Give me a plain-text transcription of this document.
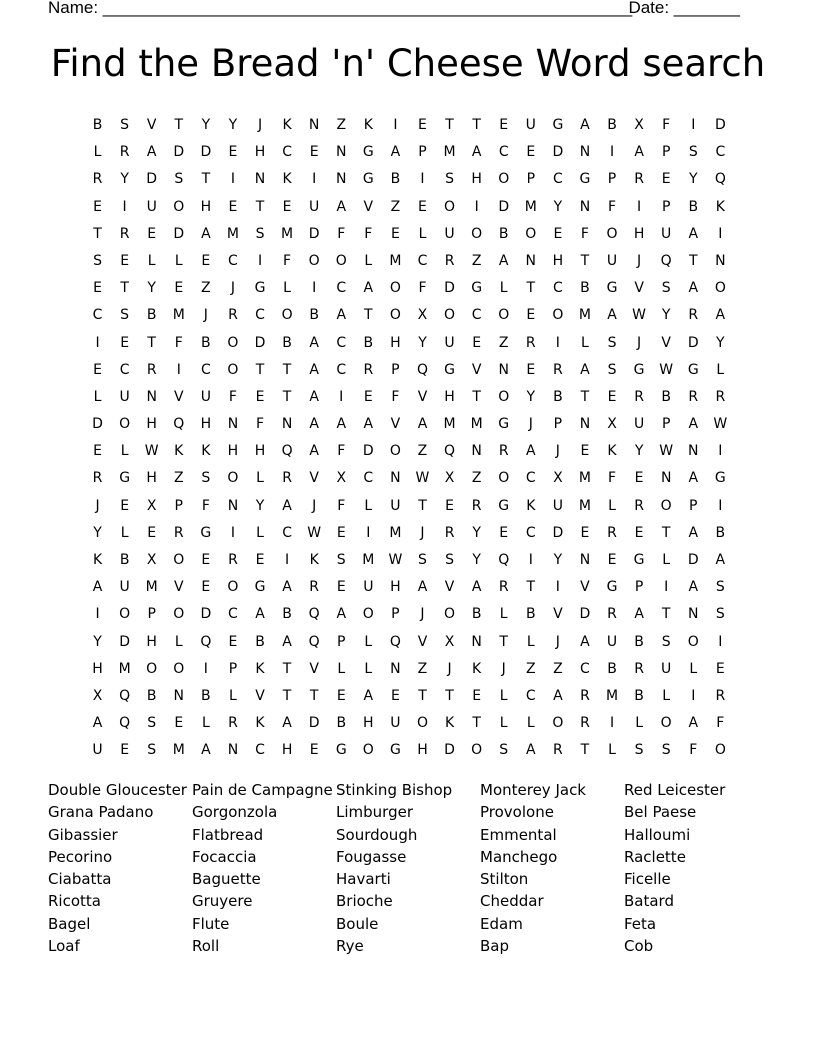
Name: ________________________________________________________
Date: _______
Find the Bread 'n' Cheese Word search
B	S	V	T	Y	Y	J	K	N	Z	K	I	E	T	T	E	U	G	A	B	X	F	I	D
L	R	A	D	D	E	H	C	E	N	G	A	P	M	A	C	E	D	N	I	A	P	S	C
R	Y	D	S	T	I	N	K	I	N	G	B	I	S	H	O	P	C	G	P	R	E	Y	Q
E	I	U	O	H	E	T	E	U	A	V	Z	E	O	I	D	M	Y	N	F	I	P	B	K
T	R	E	D	A	M	S	M	D	F	F	E	L	U	O	B	O	E	F	O	H	U	A	I
S	E	L	L	E	C	I	F	O	O	L	M	C	R	Z	A	N	H	T	U	J	Q	T	N
E	T	Y	E	Z	J	G	L	I	C	A	O	F	D	G	L	T	C	B	G	V	S	A	O
C	S	B	M	J	R	C	O	B	A	T	O	X	O	C	O	E	O	M	A	W	Y	R	A
I	E	T	F	B	O	D	B	A	C	B	H	Y	U	E	Z	R	I	L	S	J	V	D	Y
E	C	R	I	C	O	T	T	A	C	R	P	Q	G	V	N	E	R	A	S	G	W	G	L
L	U	N	V	U	F	E	T	A	I	E	F	V	H	T	O	Y	B	T	E	R	B	R	R
D	O	H	Q	H	N	F	N	A	A	A	V	A	M	M	G	J	P	N	X	U	P	A	W
E	L	W	K	K	H	H	Q	A	F	D	O	Z	Q	N	R	A	J	E	K	Y	W	N	I
R	G	H	Z	S	O	L	R	V	X	C	N	W	X	Z	O	C	X	M	F	E	N	A	G
J	E	X	P	F	N	Y	A	J	F	L	U	T	E	R	G	K	U	M	L	R	O	P	I
Y	L	E	R	G	I	L	C	W	E	I	M	J	R	Y	E	C	D	E	R	E	T	A	B
K	B	X	O	E	R	E	I	K	S	M	W	S	S	Y	Q	I	Y	N	E	G	L	D	A
A	U	M	V	E	O	G	A	R	E	U	H	A	V	A	R	T	I	V	G	P	I	A	S
I	O	P	O	D	C	A	B	Q	A	O	P	J	O	B	L	B	V	D	R	A	T	N	S
Y	D	H	L	Q	E	B	A	Q	P	L	Q	V	X	N	T	L	J	A	U	B	S	O	I
H	M	O	O	I	P	K	T	V	L	L	N	Z	J	K	J	Z	Z	C	B	R	U	L	E
X	Q	B	N	B	L	V	T	T	E	A	E	T	T	E	L	C	A	R	M	B	L	I	R
A	Q	S	E	L	R	K	A	D	B	H	U	O	K	T	L	L	O	R	I	L	O	A	F
U	E	S	M	A	N	C	H	E	G	O	G	H	D	O	S	A	R	T	L	S	S	F	O
Double Gloucester
Grana Padano
Gibassier
Pecorino
Ciabatta
Ricotta
Bagel
Loaf
Pain de Campagne
Gorgonzola
Flatbread
Focaccia
Baguette
Gruyere
Flute
Roll
Stinking Bishop
Limburger
Sourdough
Fougasse
Havarti
Brioche
Boule
Rye
Monterey Jack
Provolone
Emmental
Manchego
Stilton
Cheddar
Edam
Bap
Red Leicester
Bel Paese
Halloumi
Raclette
Ficelle
Batard
Feta
Cob
